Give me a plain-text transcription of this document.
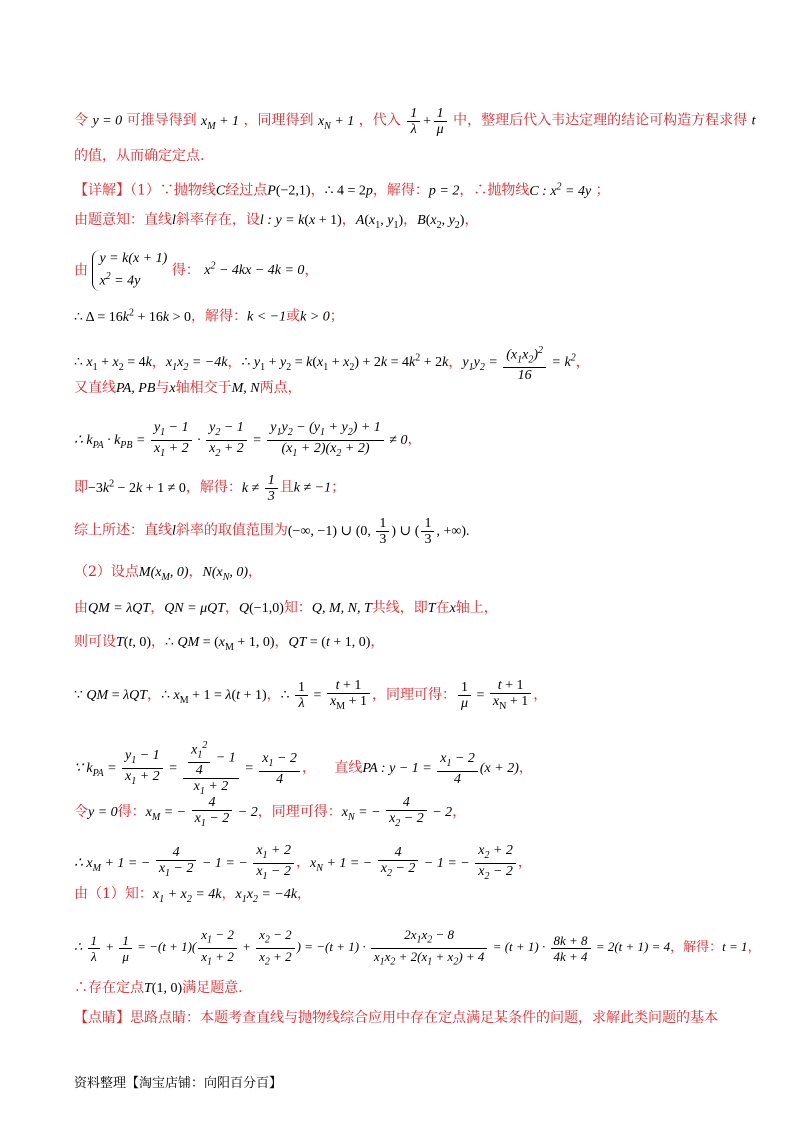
令 y = 0 可推导得到 $x_M + 1$ ，同理得到 $x_N + 1$ ，代入 $\frac{1}{\lambda} + \frac{1}{\mu}$ 中，整理后代入韦达定理的结论可构造方程求得 t
的值，从而确定定点.
【详解】（1）∵抛物线C经过点P(−2,1)，∴ 4 = 2p，解得：p = 2，∴抛物线C : $x^2 = 4y$ ；
由题意知：直线l斜率存在，设l : y = k(x + 1)，$A(x_1$, $y_1$)，$B(x_2$, $y_2$)，
由
y = k(x + 1)
$x^2 = 4y$
得： $x^2 - 4kx - 4k = 0$，
∴ $\Delta = 16k^2 + 16k > 0$，解得：k < −1或k > 0；
∴ $x_1 + x_2 = 4k$，$x_1x_2 = -4k$，∴ $y_1 + y_2 = k(x_1 + x_2) + 2k = 4k^2 + 2k$，$y_1y_2 = \frac{(x_1x_2)^2}{16} = k^2$，
又直线PA, PB与x轴相交于M, N两点，
∴ $k_{PA} \cdot k_{PB} = \frac{y_1 - 1}{x_1 + 2} \cdot \frac{y_2 - 1}{x_2 + 2} = \frac{y_1y_2 - (y_1 + y_2) + 1}{(x_1 + 2)(x_2 + 2)} \ne 0$，
即$-3k^2 - 2k + 1 \ne 0$，解得：$k \ne \frac{1}{3}$ 且k ≠ −1；
综上所述：直线l斜率的取值范围为(−∞, −1) ∪ (0, $\frac{1}{3}$ ) ∪ ( $\frac{1}{3}$ , +∞).
（2）设点$M(x_M$, 0)，$N(x_N$, 0)，
由QM = λQT，QN = μQT，Q(−1,0)知：Q, M, N, T共线，即T在x轴上，
则可设T(t, 0)，∴ QM = ($x_M + 1$, 0)，QT = (t + 1, 0)，
∵ QM = λQT，∴ $x_M + 1 = \lambda(t + 1)$，∴ $\frac{1}{\lambda} = \frac{t + 1}{x_M + 1}$ ，同理可得： $\frac{1}{\mu} = \frac{t + 1}{x_N + 1}$ ，
∵ $k_{PA} = \frac{y_1 - 1}{x_1 + 2} = \frac{\frac{x_1^2}{4} - 1}{x_1 + 2} = \frac{x_1 - 2}{4}$ ， 直线PA : $y - 1 = \frac{x_1 - 2}{4} (x + 2)$，
令y = 0得：$x_M$ = − $\frac{4}{x_1 - 2} - 2$，同理可得：$x_N$ = − $\frac{4}{x_2 - 2} - 2$，
∴ $x_M + 1$ = − $\frac{4}{x_1 - 2} - 1$ = − $\frac{x_1 + 2}{x_1 - 2}$ ，$x_N + 1$ = − $\frac{4}{x_2 - 2} - 1$ = − $\frac{x_2 + 2}{x_2 - 2}$ ，
由（1）知：$x_1 + x_2 = 4k$，$x_1x_2 = -4k$，
∴ $\frac{1}{\lambda} + \frac{1}{\mu} = -(t + 1)( \frac{x_1 - 2}{x_1 + 2} + \frac{x_2 - 2}{x_2 + 2}$ ) = $-(t + 1) \cdot \frac{2x_1x_2 - 8}{x_1x_2 + 2(x_1 + x_2) + 4} = (t + 1) \cdot \frac{8k + 8}{4k + 4} = 2(t + 1) = 4$，解得：t = 1，
∴存在定点T(1, 0)满足题意.
【点睛】思路点睛：本题考查直线与抛物线综合应用中存在定点满足某条件的问题，求解此类问题的基本
资料整理【淘宝店铺：向阳百分百】
